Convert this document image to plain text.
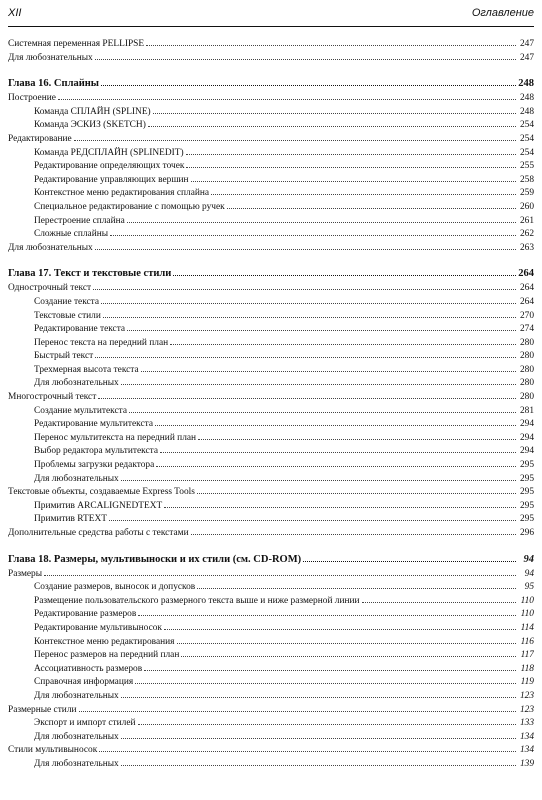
XII	Оглавление
Системная переменная PELLIPSE	247
Для любознательных	247
Глава 16. Сплайны	248
Построение	248
Команда СПЛАЙН (SPLINE)	248
Команда ЭСКИЗ (SKETCH)	254
Редактирование	254
Команда РЕДСПЛАЙН (SPLINEDIT)	254
Редактирование определяющих точек	255
Редактирование управляющих вершин	258
Контекстное меню редактирования сплайна	259
Специальное редактирование с помощью ручек	260
Перестроение сплайна	261
Сложные сплайны	262
Для любознательных	263
Глава 17. Текст и текстовые стили	264
Однострочный текст	264
Создание текста	264
Текстовые стили	270
Редактирование текста	274
Перенос текста на передний план	280
Быстрый текст	280
Трехмерная высота текста	280
Для любознательных	280
Многострочный текст	280
Создание мультитекста	281
Редактирование мультитекста	294
Перенос мультитекста на передний план	294
Выбор редактора мультитекста	294
Проблемы загрузки редактора	295
Для любознательных	295
Текстовые объекты, создаваемые Express Tools	295
Примитив ARCALIGNEDTEXT	295
Примитив RTEXT	295
Дополнительные средства работы с текстами	296
Глава 18. Размеры, мультивыноски и их стили (см. CD-ROM)	94
Размеры	94
Создание размеров, выносок и допусков	95
Размещение пользовательского размерного текста выше и ниже размерной линии	110
Редактирование размеров	110
Редактирование мультивыносок	114
Контекстное меню редактирования	116
Перенос размеров на передний план	117
Ассоциативность размеров	118
Справочная информация	119
Для любознательных	123
Размерные стили	123
Экспорт и импорт стилей	133
Для любознательных	134
Стили мультивыносок	134
Для любознательных	139
